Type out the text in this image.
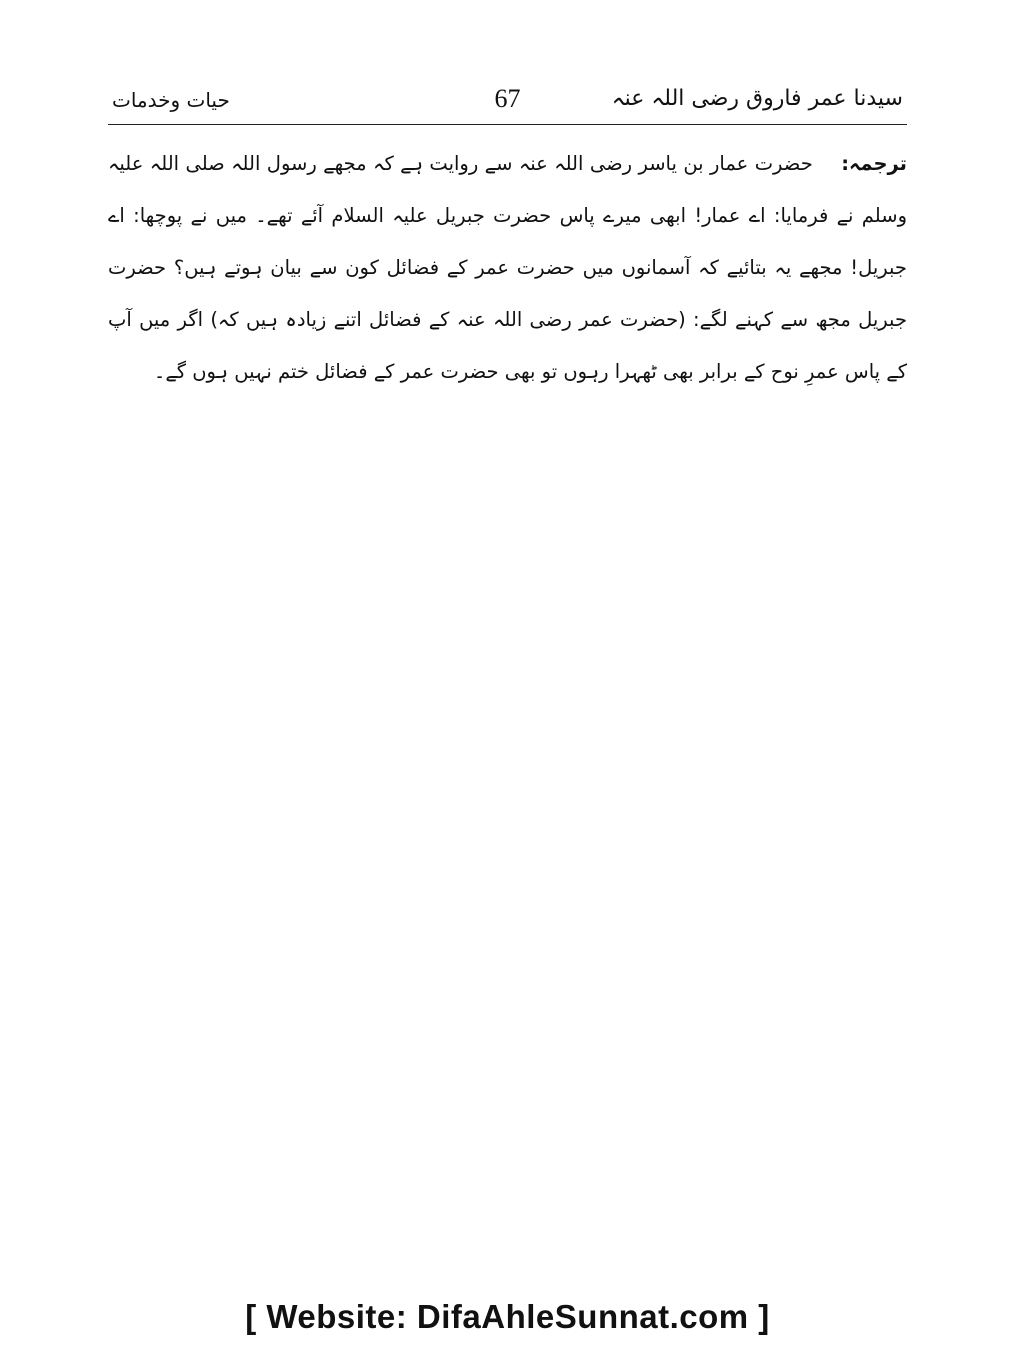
سیدنا عمر فاروق رضی اللہ عنہ
67
حیات وخدمات
ترجمہ: حضرت عمار بن یاسر رضی اللہ عنہ سے روایت ہے کہ مجھے رسول اللہ صلی اللہ علیہ وسلم نے فرمایا: اے عمار! ابھی میرے پاس حضرت جبریل علیہ السلام آئے تھے۔ میں نے پوچھا: اے جبریل! مجھے یہ بتائیے کہ آسمانوں میں حضرت عمر کے فضائل کون سے بیان ہوتے ہیں؟ حضرت جبریل مجھ سے کہنے لگے: (حضرت عمر رضی اللہ عنہ کے فضائل اتنے زیادہ ہیں کہ) اگر میں آپ کے پاس عمرِ نوح کے برابر بھی ٹھہرا رہوں تو بھی حضرت عمر کے فضائل ختم نہیں ہوں گے۔
[ Website: DifaAhleSunnat.com ]
